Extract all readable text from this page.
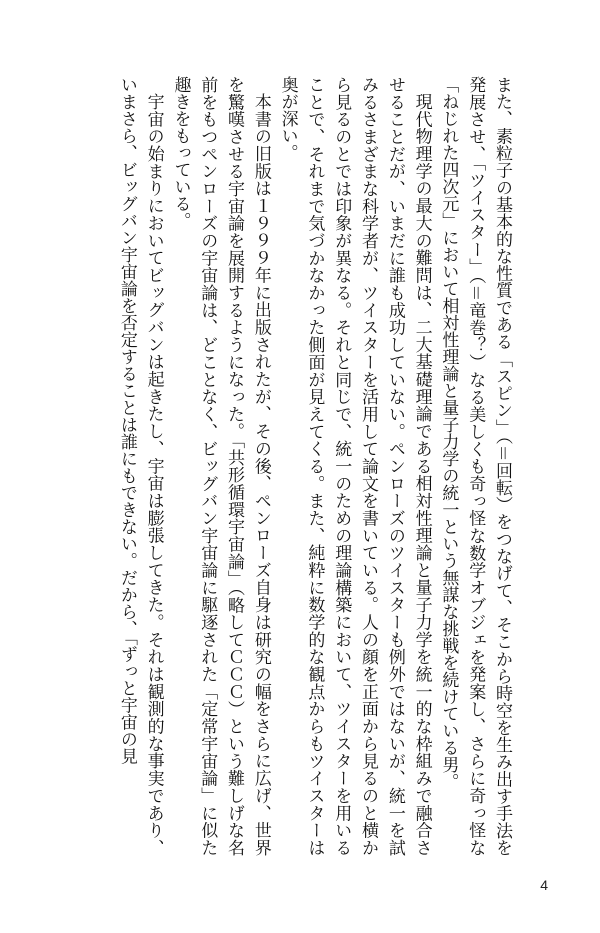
また、素粒子の基本的な性質である「スピン」（＝回転）をつなげて、そこから時空を生み出す手法を発展させ、「ツイスター」（＝竜巻？）なる美しくも奇っ怪な数学オブジェを発案し、さらに奇っ怪な「ねじれた四次元」において相対性理論と量子力学の統一という無謀な挑戦を続けている男。

現代物理学の最大の難問は、二大基礎理論である相対性理論と量子力学を統一的な枠組みで融合させることだが、いまだに誰も成功していない。ペンローズのツイスターも例外ではないが、統一を試みるさまざまな科学者が、ツイスターを活用して論文を書いている。人の顔を正面から見るのと横から見るのとでは印象が異なる。それと同じで、統一のための理論構築において、ツイスターを用いることで、それまで気づかなかった側面が見えてくる。また、純粋に数学的な観点からもツイスターは奥が深い。

本書の旧版は１９９９年に出版されたが、その後、ペンローズ自身は研究の幅をさらに広げ、世界を驚嘆させる宇宙論を展開するようになった。「共形循環宇宙論」（略してＣＣＣ）という難しげな名前をもつペンローズの宇宙論は、どことなく、ビッグバン宇宙論に駆逐された「定常宇宙論」に似た趣きをもっている。

宇宙の始まりにおいてビッグバンは起きたし、宇宙は膨張してきた。それは観測的な事実であり、いまさら、ビッグバン宇宙論を否定することは誰にもできない。だから、「ずっと宇宙の見

4
